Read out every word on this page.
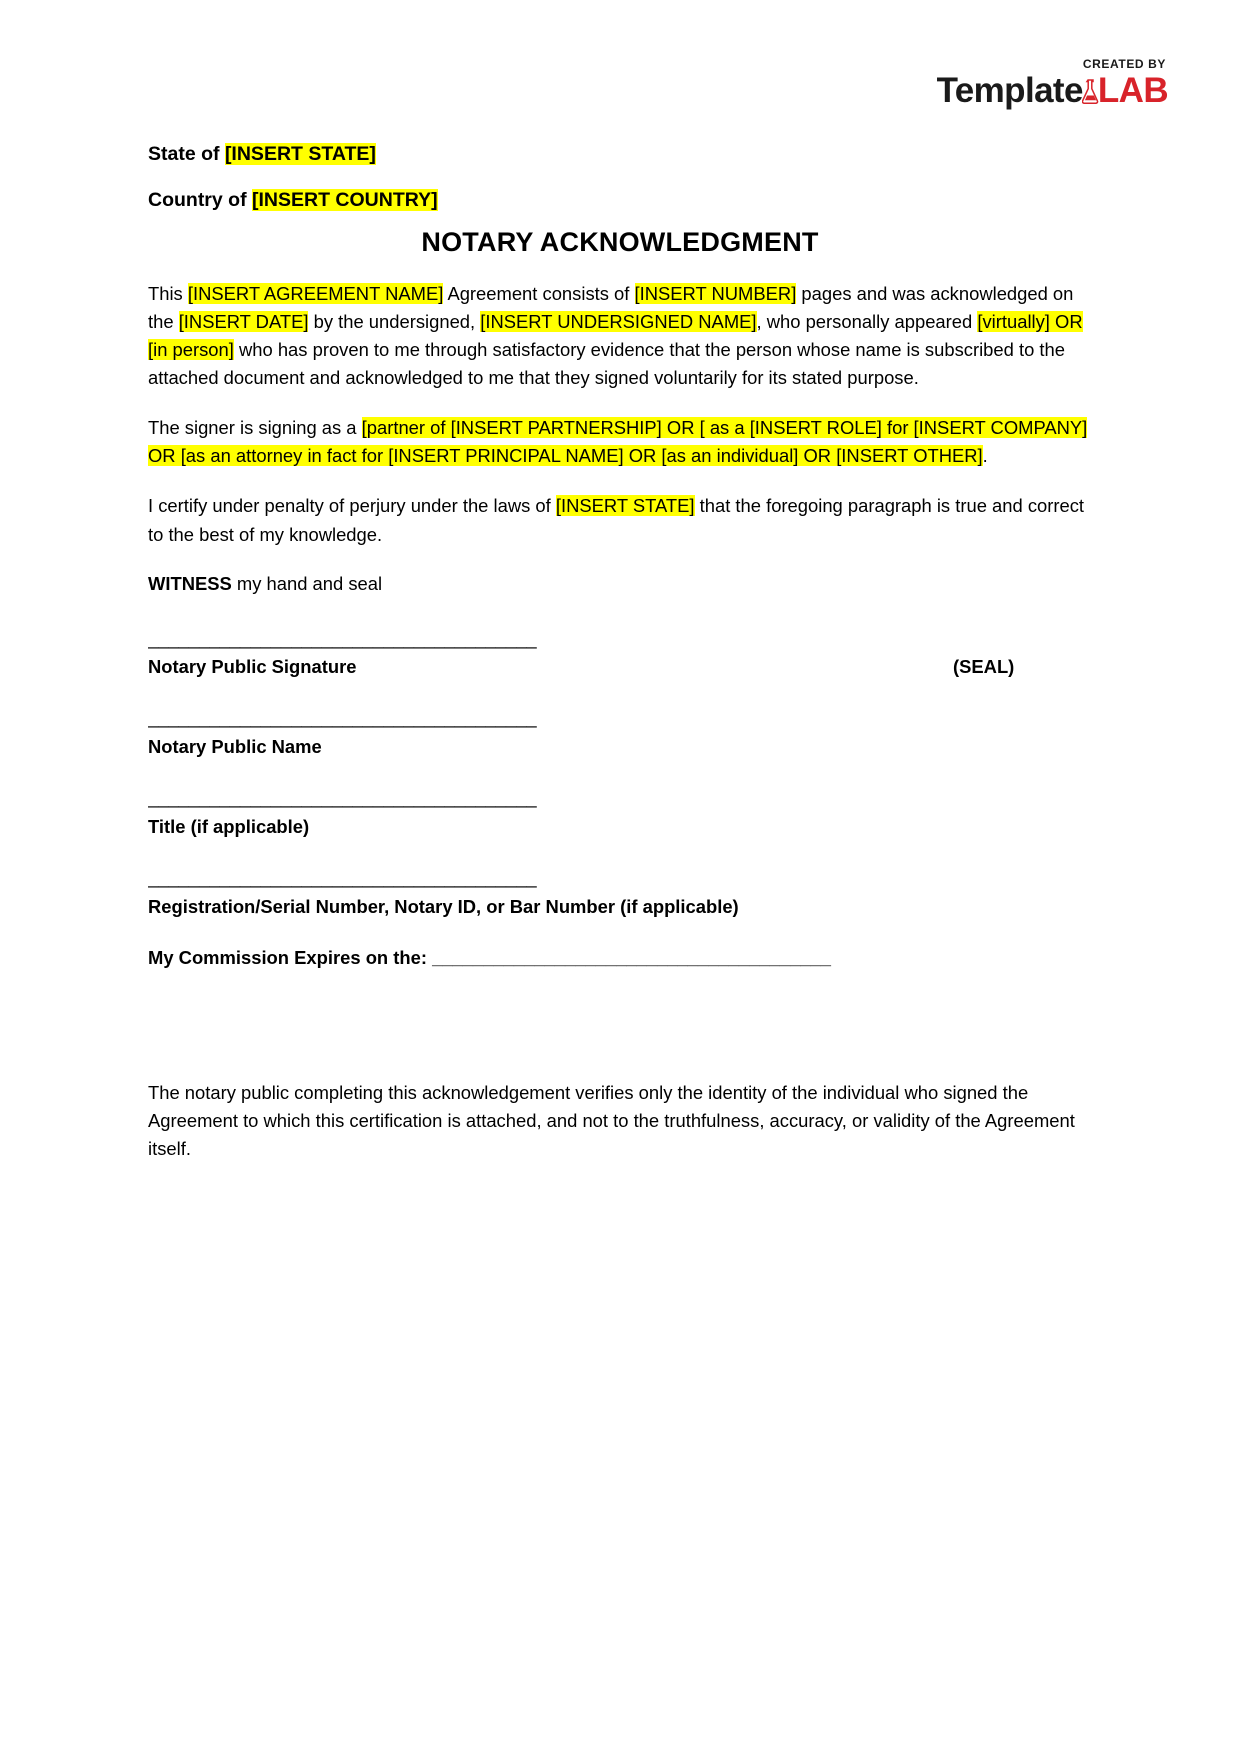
CREATED BY
Template LAB

State of [INSERT STATE]

Country of [INSERT COUNTRY]

NOTARY ACKNOWLEDGMENT

This [INSERT AGREEMENT NAME] Agreement consists of [INSERT NUMBER] pages and was acknowledged on the [INSERT DATE] by the undersigned, [INSERT UNDERSIGNED NAME], who personally appeared [virtually] OR [in person] who has proven to me through satisfactory evidence that the person whose name is subscribed to the attached document and acknowledged to me that they signed voluntarily for its stated purpose.

The signer is signing as a [partner of [INSERT PARTNERSHIP] OR [ as a [INSERT ROLE] for [INSERT COMPANY] OR [as an attorney in fact for [INSERT PRINCIPAL NAME] OR [as an individual] OR [INSERT OTHER].

I certify under penalty of perjury under the laws of [INSERT STATE] that the foregoing paragraph is true and correct to the best of my knowledge.

WITNESS my hand and seal

______________________________________

Notary Public Signature	(SEAL)

______________________________________

Notary Public Name

______________________________________

Title (if applicable)

______________________________________

Registration/Serial Number, Notary ID, or Bar Number (if applicable)

My Commission Expires on the: _______________________________________

The notary public completing this acknowledgement verifies only the identity of the individual who signed the Agreement to which this certification is attached, and not to the truthfulness, accuracy, or validity of the Agreement itself.
